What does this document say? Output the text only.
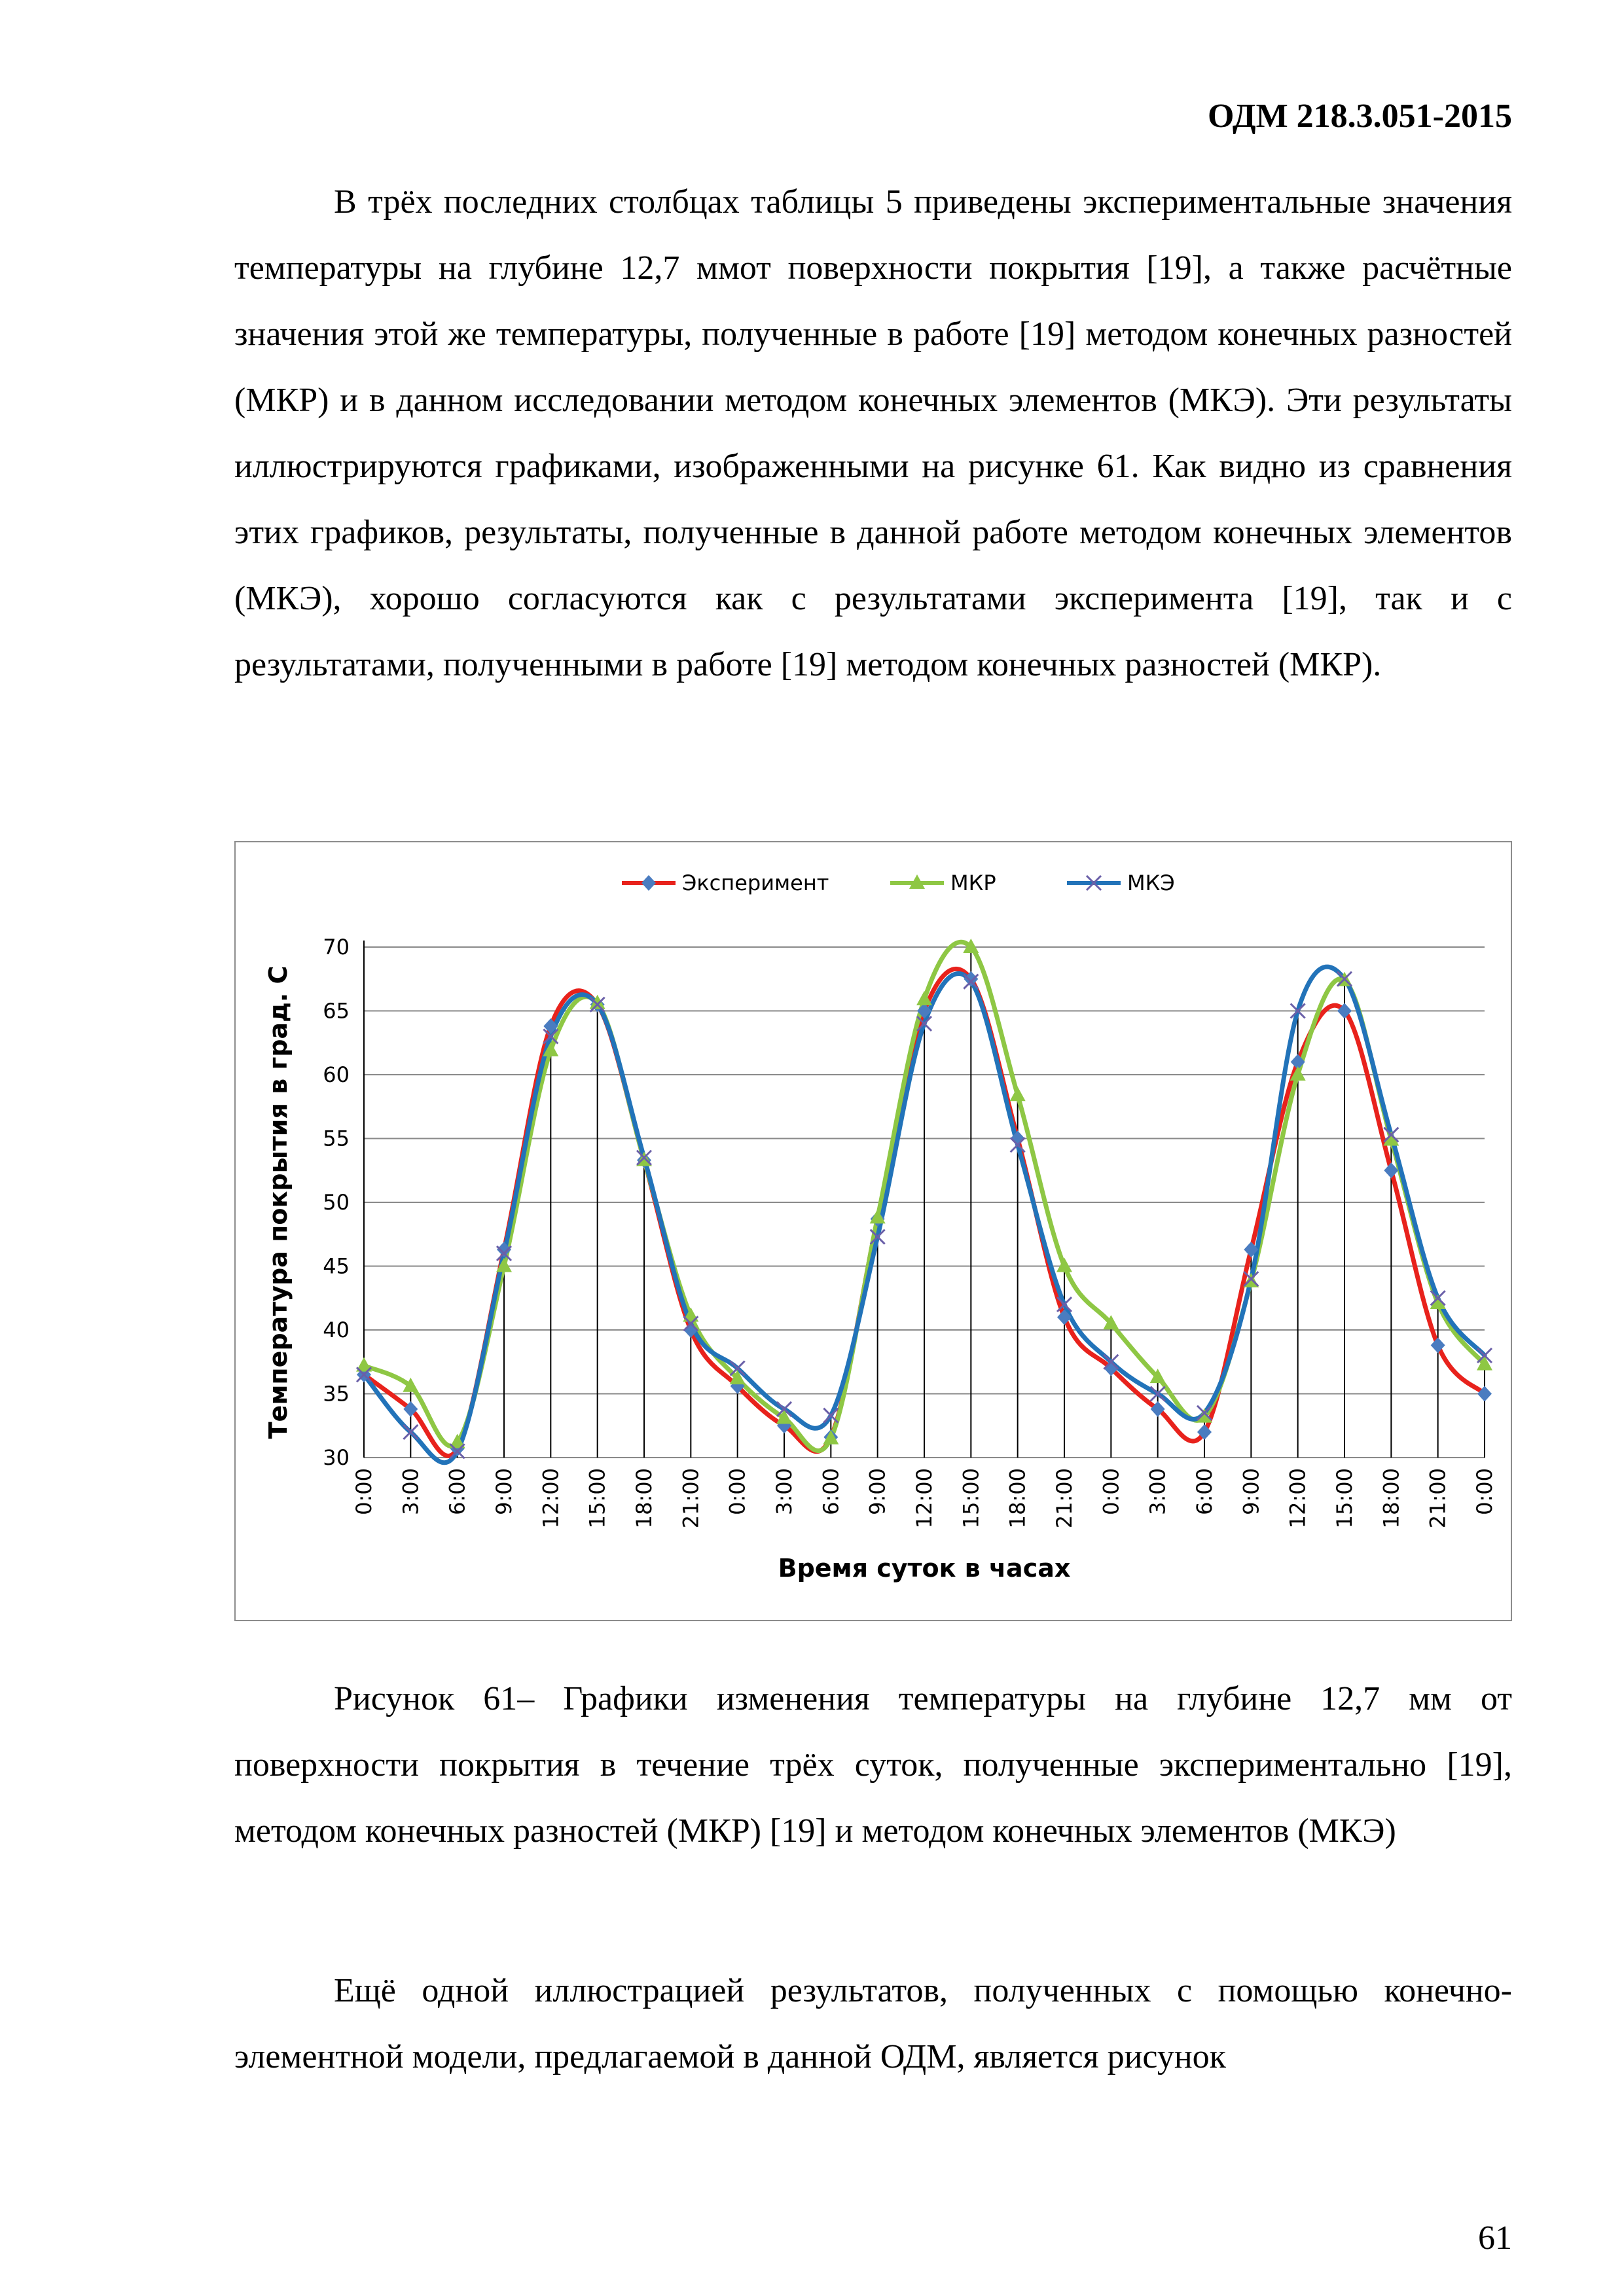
ОДМ 218.3.051-2015

В трёх последних столбцах таблицы 5 приведены экспериментальные значения температуры на глубине 12,7 ммот поверхности покрытия [19], а также расчётные значения этой же температуры, полученные в работе [19] методом конечных разностей (МКР) и в данном исследовании методом конечных элементов (МКЭ). Эти результаты иллюстрируются графиками, изображенными на рисунке 61. Как видно из сравнения этих графиков, результаты, полученные в данной работе методом конечных элементов (МКЭ), хорошо согласуются как с результатами эксперимента [19], так и с результатами, полученными в работе [19] методом конечных разностей (МКР).

30
35
40
45
50
55
60
65
70
0:00 3:00 6:00 9:00 12:00 15:00 18:00 21:00 0:00 3:00 6:00 9:00 12:00 15:00 18:00 21:00 0:00 3:00 6:00 9:00 12:00 15:00 18:00 21:00 0:00
Эксперимент	МКР	МКЭ
Время суток в часах
Температура покрытия в град. С

Рисунок 61– Графики изменения температуры на глубине 12,7 мм от поверхности покрытия в течение трёх суток, полученные экспериментально [19], методом конечных разностей (МКР) [19] и методом конечных элементов (МКЭ)

Ещё одной иллюстрацией результатов, полученных с помощью конечно-элементной модели, предлагаемой в данной ОДМ, является рисунок

61
